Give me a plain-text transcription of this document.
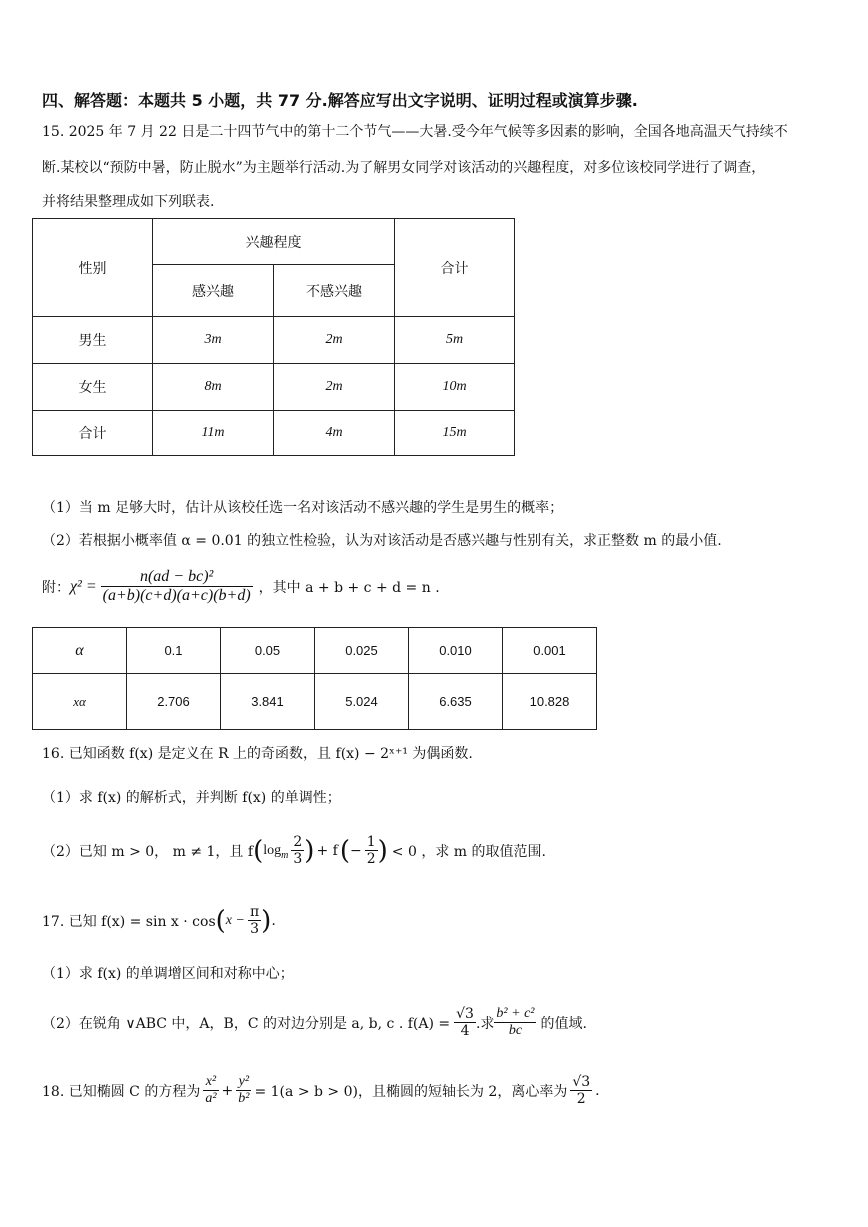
四、解答题：本题共 5 小题，共 77 分.解答应写出文字说明、证明过程或演算步骤.
15. 2025 年 7 月 22 日是二十四节气中的第十二个节气——大暑.受今年气候等多因素的影响，全国各地高温天气持续不
断.某校以“预防中暑，防止脱水”为主题举行活动.为了解男女同学对该活动的兴趣程度，对多位该校同学进行了调查，
并将结果整理成如下列联表.
性别	兴趣程度		合计
	感兴趣	不感兴趣	
男生	3m	2m	5m
女生	8m	2m	10m
合计	11m	4m	15m
（1）当 m 足够大时，估计从该校任选一名对该活动不感兴趣的学生是男生的概率；
（2）若根据小概率值 α = 0.01 的独立性检验，认为对该活动是否感兴趣与性别有关，求正整数 m 的最小值.
附： $\chi^2 = \frac{\text{n(ad − bc)²}}{(a+b)(c+d)(a+c)(b+d)}$ ，其中 a + b + c + d = n .
α	0.1	0.05	0.025	0.010	0.001
xα	2.706	3.841	5.024	6.635	10.828
16. 已知函数 f(x) 是定义在 R 上的奇函数，且 f(x) − 2ˣ⁺¹ 为偶函数.
（1）求 f(x) 的解析式，并判断 f(x) 的单调性；
（2）已知 m > 0， m ≠ 1，且 f ( $\log_m \frac{2}{3}$ ) + f ( − $\frac{1}{2}$ ) < 0 ，求 m 的取值范围.
17. 已知 f(x) = sin x · cos ( $x - \frac{\pi}{3}$ ) .
（1）求 f(x) 的单调增区间和对称中心；
（2）在锐角 ∨ABC 中，A，B，C 的对边分别是 a, b, c . $f(A) = \frac{√3}{4}$ .求 $\frac{\text{b² + c²}}{bc}$ 的值域.
18. 已知椭圆 C 的方程为 $\frac{\text{x²}}{\text{a²}} + \frac{\text{y²}}{\text{b²}} = 1(a > b > 0)$，且椭圆的短轴长为 2，离心率为 $\frac{√3}{2}$ .
